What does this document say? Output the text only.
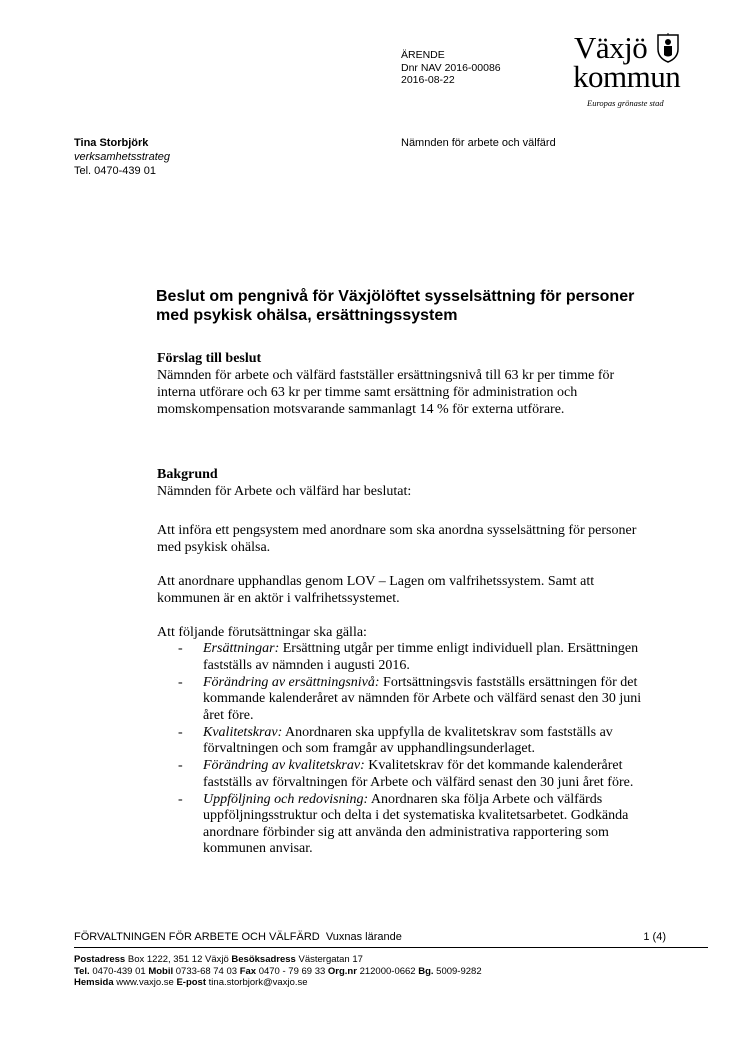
ÄRENDE
Dnr NAV 2016-00086
2016-08-22
Växjö
kommun
Europas grönaste stad
Tina Storbjörk
verksamhetsstrateg
Tel. 0470-439 01
Nämnden för arbete och välfärd
Beslut om pengnivå för Växjölöftet sysselsättning för personer med psykisk ohälsa, ersättningssystem
Förslag till beslut

Nämnden för arbete och välfärd fastställer ersättningsnivå till 63 kr per timme för interna utförare och 63 kr per timme samt ersättning för administration och momskompensation motsvarande sammanlagt 14 % för externa utförare.

Bakgrund

Nämnden för Arbete och välfärd har beslutat:

Att införa ett pengsystem med anordnare som ska anordna sysselsättning för personer med psykisk ohälsa.

Att anordnare upphandlas genom LOV – Lagen om valfrihetssystem. Samt att kommunen är en aktör i valfrihetssystemet.

Att följande förutsättningar ska gälla:

- Ersättningar: Ersättning utgår per timme enligt individuell plan. Ersättningen fastställs av nämnden i augusti 2016.
- Förändring av ersättningsnivå: Fortsättningsvis fastställs ersättningen för det kommande kalenderåret av nämnden för Arbete och välfärd senast den 30 juni året före.
- Kvalitetskrav: Anordnaren ska uppfylla de kvalitetskrav som fastställs av förvaltningen och som framgår av upphandlingsunderlaget.
- Förändring av kvalitetskrav: Kvalitetskrav för det kommande kalenderåret fastställs av förvaltningen för Arbete och välfärd senast den 30 juni året före.
- Uppföljning och redovisning: Anordnaren ska följa Arbete och välfärds uppföljningsstruktur och delta i det systematiska kvalitetsarbetet. Godkända anordnare förbinder sig att använda den administrativa rapportering som kommunen anvisar.
FÖRVALTNINGEN FÖR ARBETE OCH VÄLFÄRD Vuxnas lärande	1 (4)
Postadress Box 1222, 351 12 Växjö Besöksadress Västergatan 17
Tel. 0470-439 01 Mobil 0733-68 74 03 Fax 0470 - 79 69 33 Org.nr 212000-0662 Bg. 5009-9282
Hemsida www.vaxjo.se E-post tina.storbjork@vaxjo.se
